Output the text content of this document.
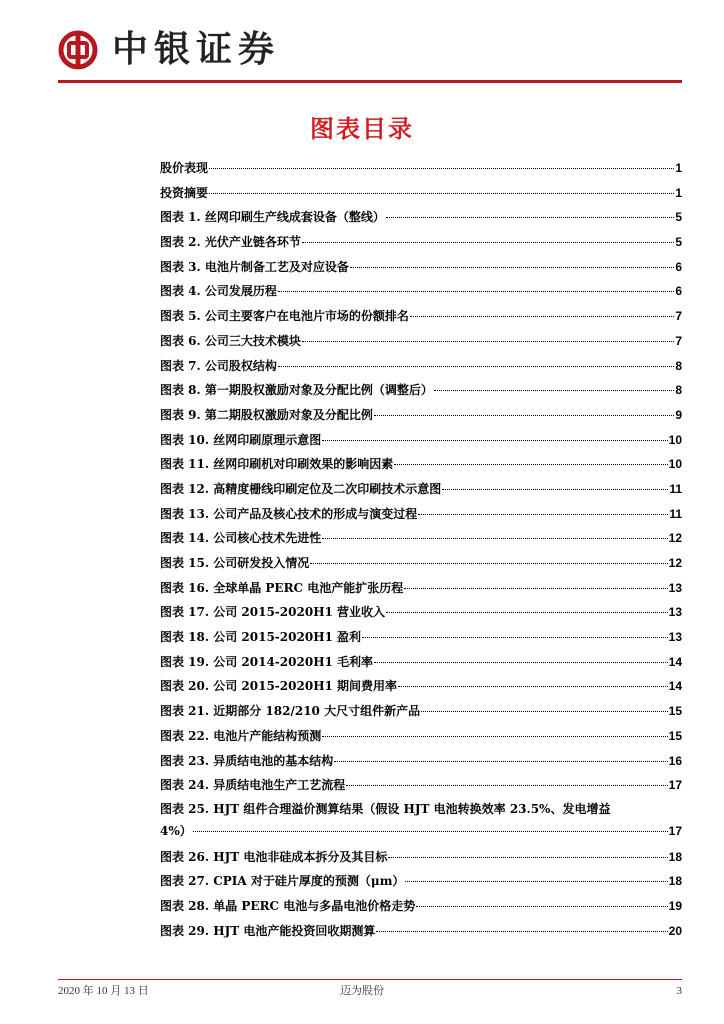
中银证券
图表目录
股价表现	1
投资摘要	1
图表 1. 丝网印刷生产线成套设备（整线）	5
图表 2. 光伏产业链各环节	5
图表 3. 电池片制备工艺及对应设备	6
图表 4. 公司发展历程	6
图表 5. 公司主要客户在电池片市场的份额排名	7
图表 6. 公司三大技术模块	7
图表 7. 公司股权结构	8
图表 8. 第一期股权激励对象及分配比例（调整后）	8
图表 9. 第二期股权激励对象及分配比例	9
图表 10. 丝网印刷原理示意图	10
图表 11. 丝网印刷机对印刷效果的影响因素	10
图表 12. 高精度栅线印刷定位及二次印刷技术示意图	11
图表 13. 公司产品及核心技术的形成与演变过程	11
图表 14. 公司核心技术先进性	12
图表 15. 公司研发投入情况	12
图表 16. 全球单晶 PERC 电池产能扩张历程	13
图表 17. 公司 2015-2020H1 营业收入	13
图表 18. 公司 2015-2020H1 盈利	13
图表 19. 公司 2014-2020H1 毛利率	14
图表 20. 公司 2015-2020H1 期间费用率	14
图表 21. 近期部分 182/210 大尺寸组件新产品	15
图表 22. 电池片产能结构预测	15
图表 23. 异质结电池的基本结构	16
图表 24. 异质结电池生产工艺流程	17
图表 25. HJT 组件合理溢价测算结果（假设 HJT 电池转换效率 23.5%、发电增益
4%）	17
图表 26. HJT 电池非硅成本拆分及其目标	18
图表 27. CPIA 对于硅片厚度的预测（μm）	18
图表 28. 单晶 PERC 电池与多晶电池价格走势	19
图表 29. HJT 电池产能投资回收期测算	20
2020 年 10 月 13 日	迈为股份	3
